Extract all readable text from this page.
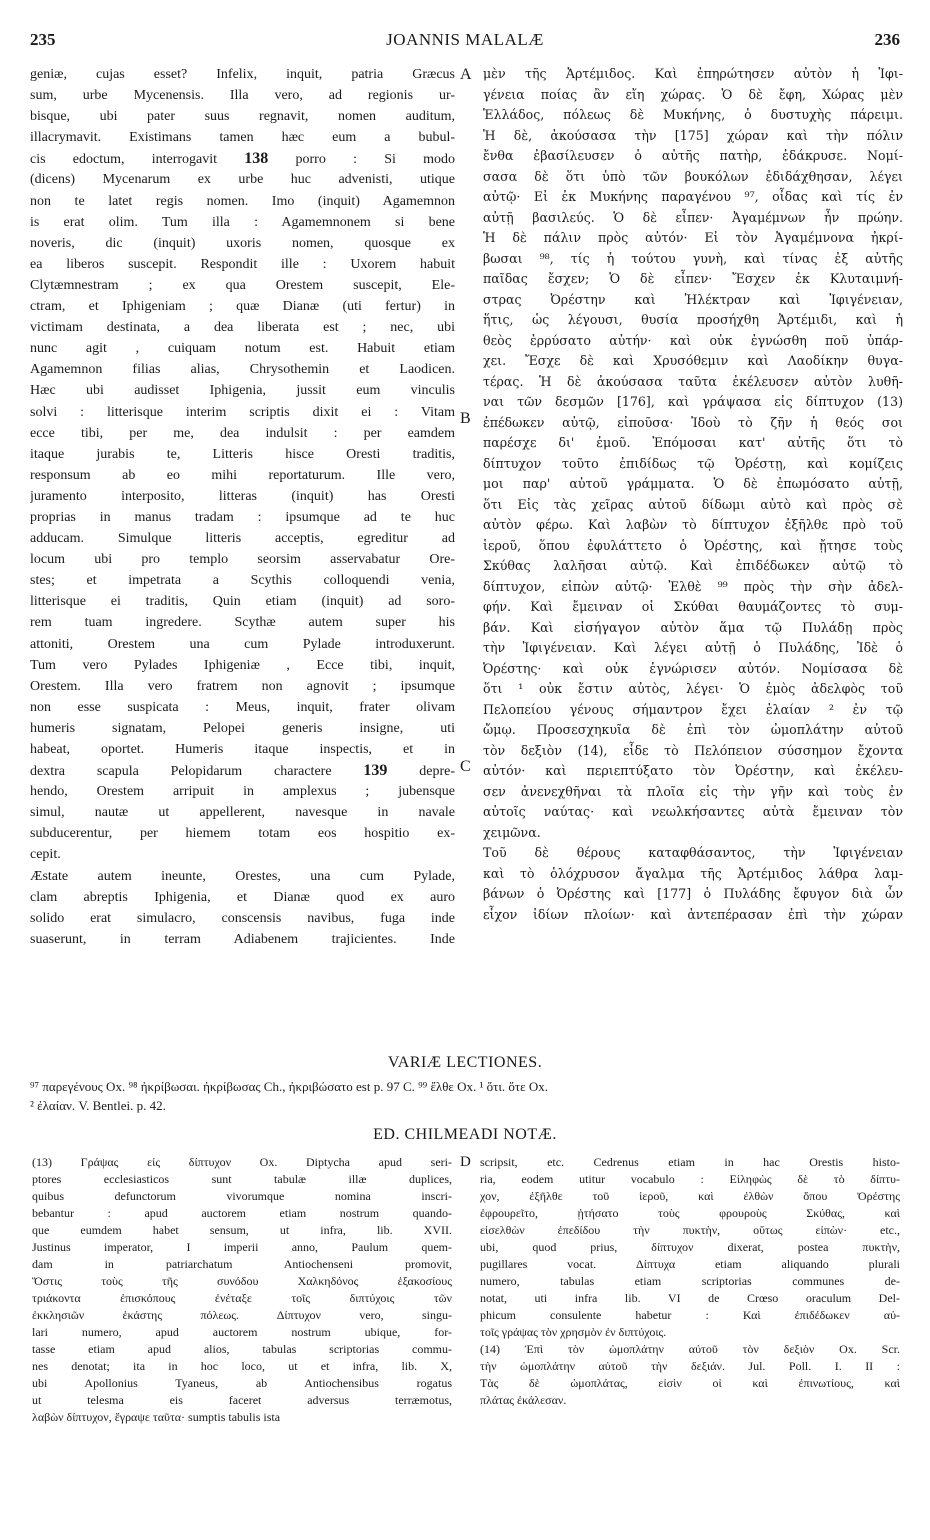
235	JOANNIS MALALÆ	236
geniæ, cujas esset? Infelix, inquit, patria Græcus
sum, urbe Mycenensis. Illa vero, ad regionis ur-
bisque, ubi pater suus regnavit, nomen auditum,
illacrymavit. Existimans tamen hæc eum a bubul-
cis edoctum, interrogavit 138 porro : Si modo
(dicens) Mycenarum ex urbe huc advenisti, utique
non te latet regis nomen. Imo (inquit) Agamemnon
is erat olim. Tum illa : Agamemnonem si bene
noveris, dic (inquit) uxoris nomen, quosque ex
ea liberos suscepit. Respondit ille : Uxorem habuit
Clytæmnestram ; ex qua Orestem suscepit, Ele-
ctram, et Iphigeniam ; quæ Dianæ (uti fertur) in
victimam destinata, a dea liberata est ; nec, ubi
nunc agit , cuiquam notum est. Habuit etiam
Agamemnon filias alias, Chrysothemin et Laodicen.
Hæc ubi audisset Iphigenia, jussit eum vinculis
solvi : litterisque interim scriptis dixit ei : Vitam
ecce tibi, per me, dea indulsit : per eamdem
itaque jurabis te, Litteris hisce Oresti traditis,
responsum ab eo mihi reportaturum. Ille vero,
juramento interposito, litteras (inquit) has Oresti
proprias in manus tradam : ipsumque ad te huc
adducam. Simulque litteris acceptis, egreditur ad
locum ubi pro templo seorsim asservabatur Ore-
stes; et impetrata a Scythis colloquendi venia,
litterisque ei traditis, Quin etiam (inquit) ad soro-
rem tuam ingredere. Scythæ autem super his
attoniti, Orestem una cum Pylade introduxerunt.
Tum vero Pylades Iphigeniæ , Ecce tibi, inquit,
Orestem. Illa vero fratrem non agnovit ; ipsumque
non esse suspicata : Meus, inquit, frater olivam
humeris signatam, Pelopei generis insigne, uti
habeat, oportet. Humeris itaque inspectis, et in
dextra scapula Pelopidarum charactere 139 depre-
hendo, Orestem arripuit in amplexus ; jubensque
simul, nautæ ut appellerent, navesque in navale
subducerentur, per hiemem totam eos hospitio ex-
cepit.
Æstate autem ineunte, Orestes, una cum Pylade,
clam abreptis Iphigenia, et Dianæ quod ex auro
solido erat simulacro, conscensis navibus, fuga inde
suaserunt, in terram Adiabenem trajicientes. Inde
μὲν τῆς Ἀρτέμιδος. Καὶ ἐπηρώτησεν αὐτὸν ἡ Ἰφι-
γένεια ποίας ἂν εἴη χώρας. Ὁ δὲ ἔφη, Χώρας μὲν
Ἑλλάδος, πόλεως δὲ Μυκήνης, ὁ δυστυχὴς πάρειμι.
Ἡ δὲ, ἀκούσασα τὴν [175] χώραν καὶ τὴν πόλιν
ἔνθα ἐβασίλευσεν ὁ αὐτῆς πατὴρ, ἐδάκρυσε. Νομί-
σασα δὲ ὅτι ὑπὸ τῶν βουκόλων ἐδιδάχθησαν, λέγει
αὐτῷ· Εἰ ἐκ Μυκήνης παραγένου ⁹⁷, οἶδας καὶ τίς ἐν
αὐτῇ βασιλεύς. Ὁ δὲ εἶπεν· Ἀγαμέμνων ἦν πρώην.
Ἡ δὲ πάλιν πρὸς αὐτόν· Εἰ τὸν Ἀγαμέμνονα ἠκρί-
βωσαι ⁹⁸, τίς ἡ τούτου γυνὴ, καὶ τίνας ἐξ αὐτῆς
παῖδας ἔσχεν; Ὁ δὲ εἶπεν· Ἔσχεν ἐκ Κλυταιμνή-
στρας Ὀρέστην καὶ Ἠλέκτραν καὶ Ἰφιγένειαν,
ἥτις, ὡς λέγουσι, θυσία προσήχθη Ἀρτέμιδι, καὶ ἡ
θεὸς ἐρρύσατο αὐτήν· καὶ οὐκ ἐγνώσθη ποῦ ὑπάρ-
χει. Ἔσχε δὲ καὶ Χρυσόθεμιν καὶ Λαοδίκην θυγα-
τέρας. Ἡ δὲ ἀκούσασα ταῦτα ἐκέλευσεν αὐτὸν λυθῆ-
ναι τῶν δεσμῶν [176], καὶ γράψασα εἰς δίπτυχον (13)
ἐπέδωκεν αὐτῷ, εἰποῦσα· Ἰδοὺ τὸ ζῆν ἡ θεός σοι
παρέσχε δι' ἐμοῦ. Ἐπόμοσαι κατ' αὐτῆς ὅτι τὸ
δίπτυχον τοῦτο ἐπιδίδως τῷ Ὀρέστῃ, καὶ κομίζεις
μοι παρ' αὐτοῦ γράμματα. Ὁ δὲ ἐπωμόσατο αὐτῇ,
ὅτι Εἰς τὰς χεῖρας αὐτοῦ δίδωμι αὐτὸ καὶ πρὸς σὲ
αὐτὸν φέρω. Καὶ λαβὼν τὸ δίπτυχον ἐξῆλθε πρὸ τοῦ
ἱεροῦ, ὅπου ἐφυλάττετο ὁ Ὀρέστης, καὶ ᾔτησε τοὺς
Σκύθας λαλῆσαι αὐτῷ. Καὶ ἐπιδέδωκεν αὐτῷ τὸ
δίπτυχον, εἰπὼν αὐτῷ· Ἐλθὲ ⁹⁹ πρὸς τὴν σὴν ἀδελ-
φήν. Καὶ ἔμειναν οἱ Σκύθαι θαυμάζοντες τὸ συμ-
βάν. Καὶ εἰσήγαγον αὐτὸν ἅμα τῷ Πυλάδῃ πρὸς
τὴν Ἰφιγένειαν. Καὶ λέγει αὐτῇ ὁ Πυλάδης, Ἰδὲ ὁ
Ὀρέστης· καὶ οὐκ ἐγνώρισεν αὐτόν. Νομίσασα δὲ
ὅτι ¹ οὐκ ἔστιν αὐτὸς, λέγει· Ὁ ἐμὸς ἀδελφὸς τοῦ
Πελοπείου γένους σήμαντρον ἔχει ἐλαίαν ² ἐν τῷ
ὤμῳ. Προσεσχηκυῖα δὲ ἐπὶ τὸν ὠμοπλάτην αὐτοῦ
τὸν δεξιὸν (14), εἶδε τὸ Πελόπειον σύσσημον ἔχοντα
αὐτόν· καὶ περιεπτύξατο τὸν Ὀρέστην, καὶ ἐκέλευ-
σεν ἀνενεχθῆναι τὰ πλοῖα εἰς τὴν γῆν καὶ τοὺς ἐν
αὐτοῖς ναύτας· καὶ νεωλκήσαντες αὐτὰ ἔμειναν τὸν
χειμῶνα.
Τοῦ δὲ θέρους καταφθάσαντος, τὴν Ἰφιγένειαν
καὶ τὸ ὁλόχρυσον ἄγαλμα τῆς Ἀρτέμιδος λάθρα λαμ-
βάνων ὁ Ὀρέστης καὶ [177] ὁ Πυλάδης ἔφυγον διὰ ὧν
εἶχον ἰδίων πλοίων· καὶ ἀντεπέρασαν ἐπὶ τὴν χώραν
A
B
C
VARIÆ LECTIONES.
⁹⁷ παρεγένους Ox. ⁹⁸ ἠκρίβωσαι. ἠκρίβωσας Ch., ἠκριβώσατο est p. 97 C. ⁹⁹ ἔλθε Ox. ¹ ὅτι. ὅτε Ox.
² ἐλαίαν. V. Bentlei. p. 42.
ED. CHILMEADI NOTÆ.
(13) Γράψας εἰς δίπτυχον Ox. Diptycha apud seri-
ptores ecclesiasticos sunt tabulæ illæ duplices,
quibus defunctorum vivorumque nomina inscri-
bebantur : apud auctorem etiam nostrum quando-
que eumdem habet sensum, ut infra, lib. XVII.
Justinus imperator, I imperii anno, Paulum quem-
dam in patriarchatum Antiochenseni promovit,
Ὅστις τοὺς τῆς συνόδου Χαλκηδόνος ἑξακοσίους
τριάκοντα ἐπισκόπους ἐνέταξε τοῖς διπτύχοις τῶν
ἐκκλησιῶν ἑκάστης πόλεως. Δίπτυχον vero, singu-
lari numero, apud auctorem nostrum ubique, for-
tasse etiam apud alios, tabulas scriptorias commu-
nes denotat; ita in hoc loco, ut et infra, lib. X,
ubi Apollonius Tyaneus, ab Antiochensibus rogatus
ut telesma eis faceret adversus terræmotus,
λαβὼν δίπτυχον, ἔγραψε ταῦτα· sumptis tabulis ista
D scripsit, etc. Cedrenus etiam in hac Orestis histo-
ria, eodem utitur vocabulo : Εἰληφὼς δὲ τὸ δίπτυ-
χον, ἐξῆλθε τοῦ ἱεροῦ, καὶ ἐλθὼν ὅπου Ὀρέστης
ἐφρουρεῖτο, ᾐτήσατο τοὺς φρουροὺς Σκύθας, καὶ
εἰσελθὼν ἐπεδίδου τὴν πυκτὴν, οὕτως εἰπὼν· etc.,
ubi, quod prius, δίπτυχον dixerat, postea πυκτὴν,
pugillares vocat. Δίπτυχα etiam aliquando plurali
numero, tabulas etiam scriptorias communes de-
notat, uti infra lib. VI de Crœso oraculum Del-
phicum consulente habetur : Καὶ ἐπιδέδωκεν αὐ-
τοῖς γράψας τὸν χρησμὸν ἐν διπτύχοις.
(14) Ἐπὶ τὸν ὠμοπλάτην αὐτοῦ τὸν δεξιὸν Ox. Scr.
τὴν ὠμοπλάτην αὐτοῦ τὴν δεξιάν. Jul. Poll. I. II :
Τὰς δὲ ὠμοπλάτας, εἰσὶν οἱ καὶ ἐπινωτίους, καὶ
πλάτας ἐκάλεσαν.
